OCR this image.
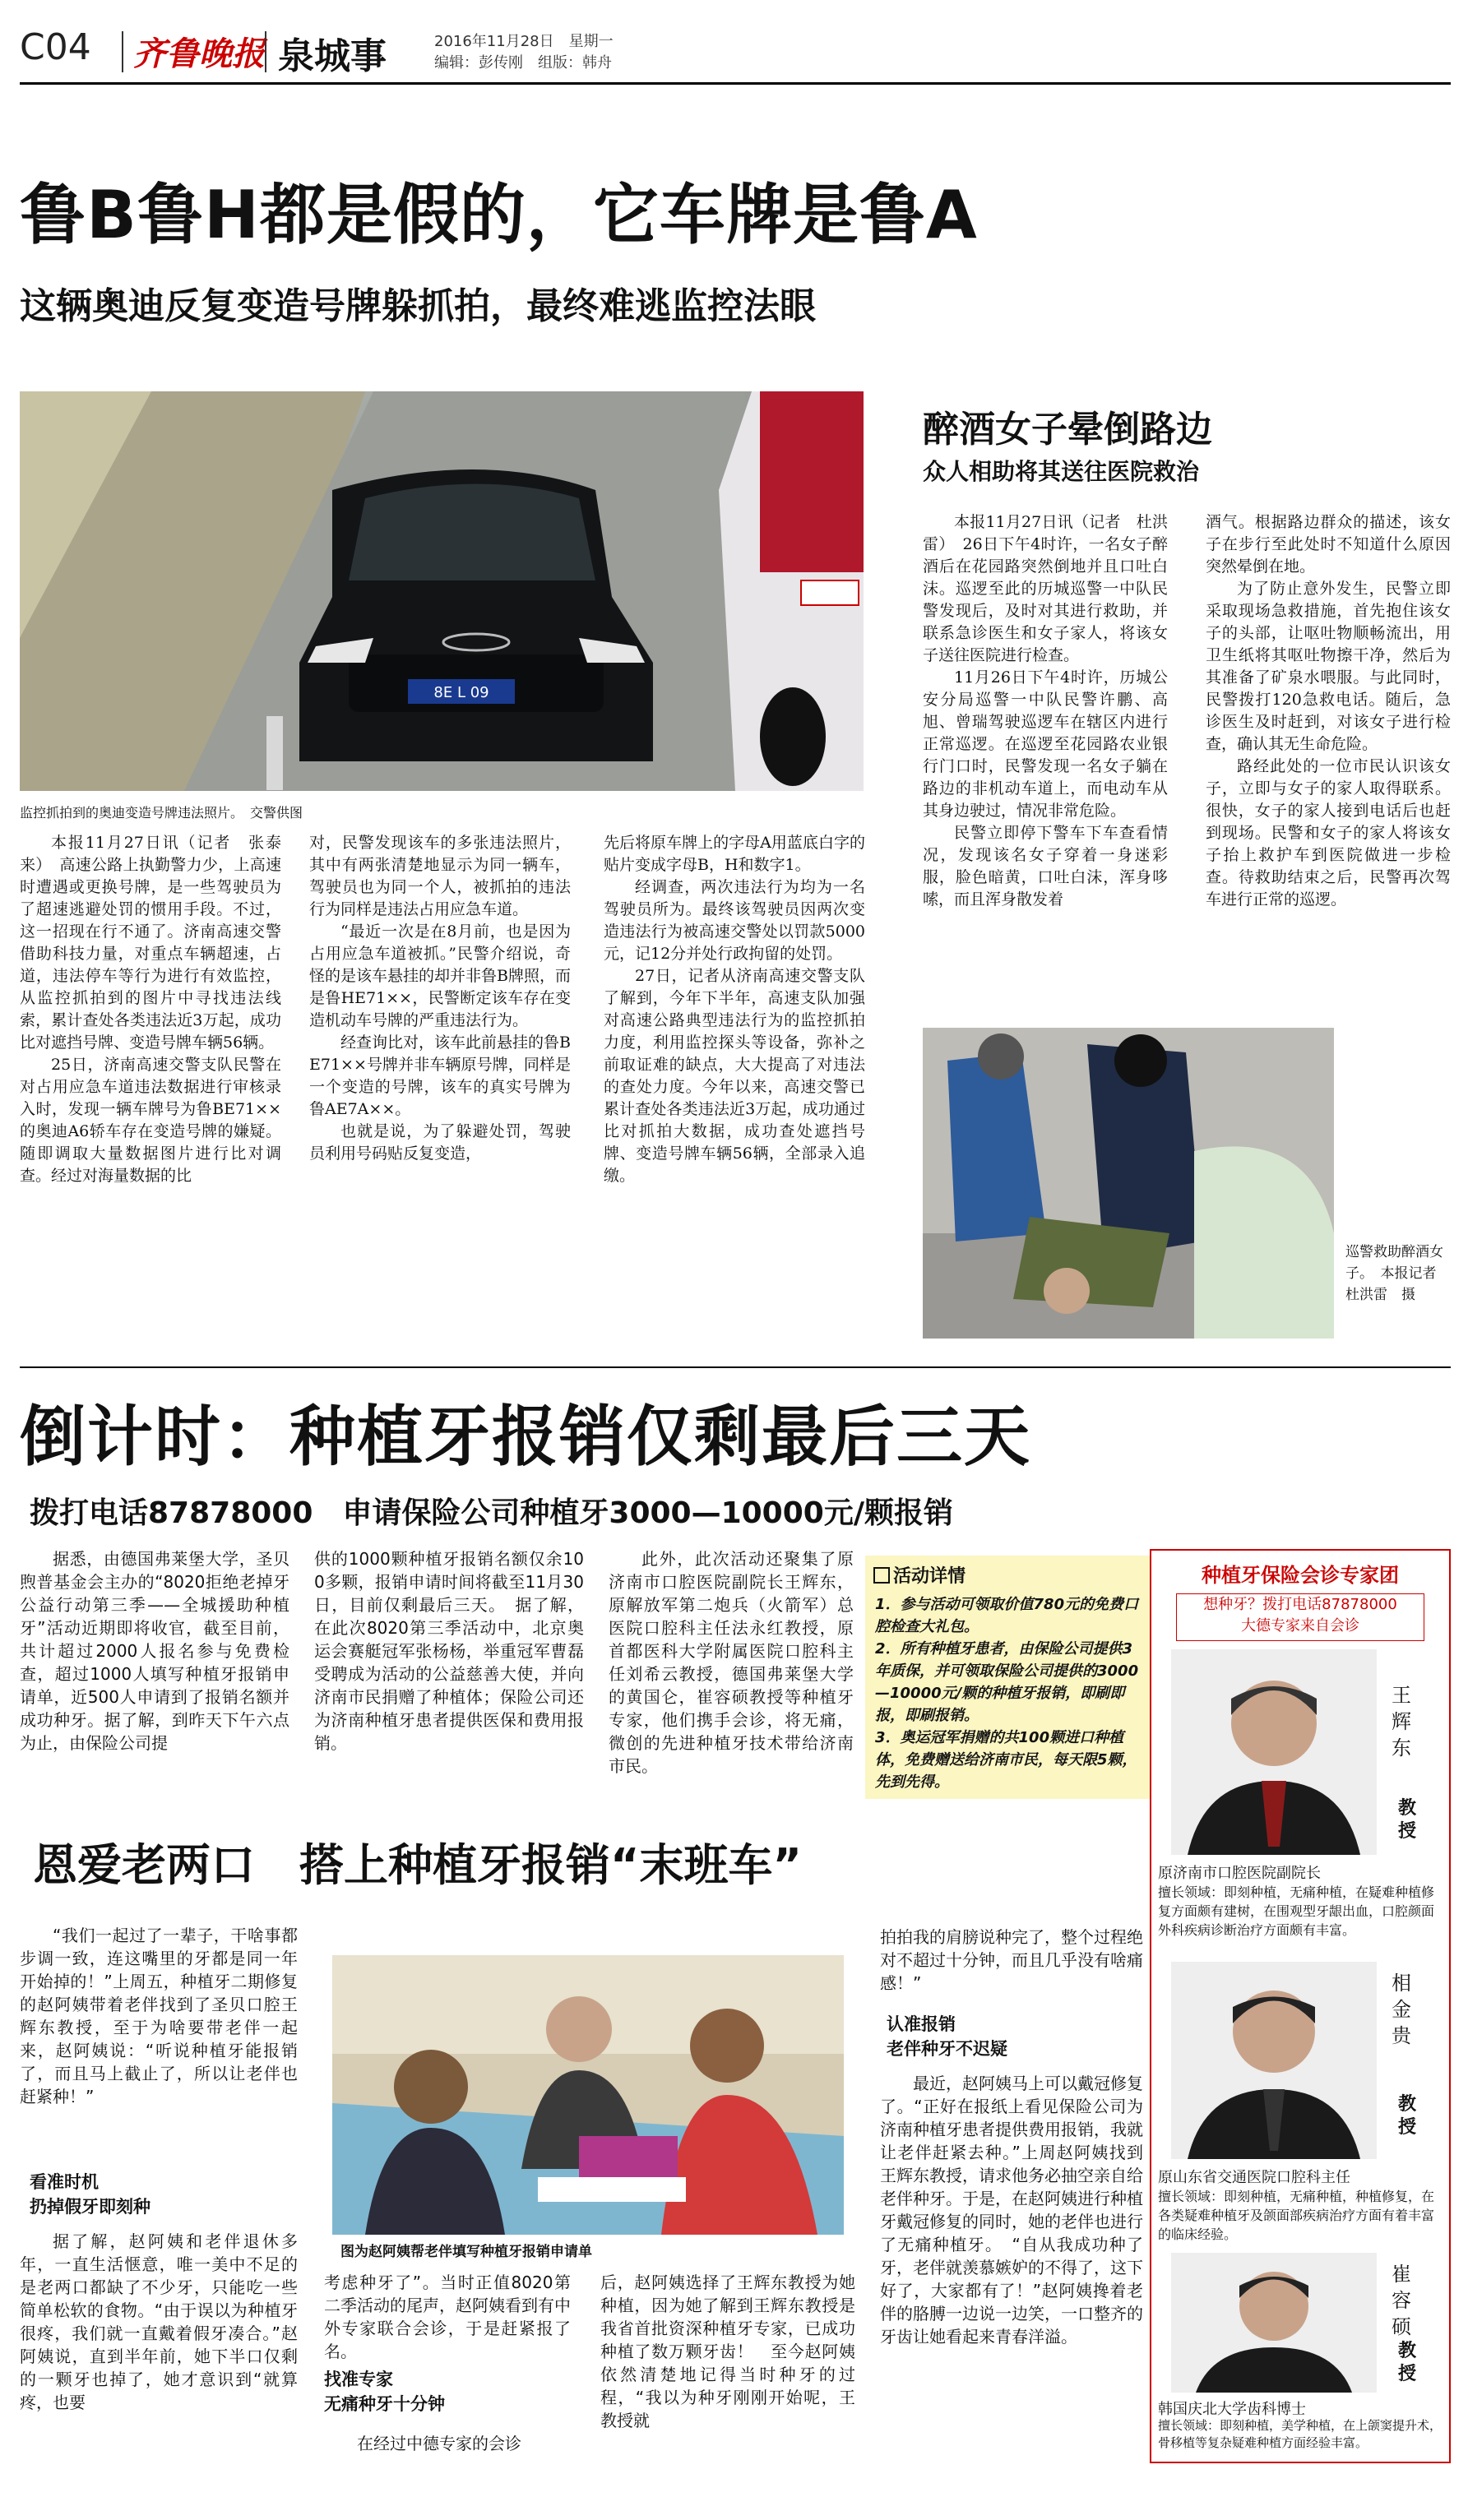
C04 齐鲁晚报 泉城事	2016年11月28日　星期一
编辑：彭传刚　组版：韩舟
鲁B鲁H都是假的，它车牌是鲁A
这辆奥迪反复变造号牌躲抓拍，最终难逃监控法眼
8E L 09
监控抓拍到的奥迪变造号牌违法照片。　交警供图

本报11月27日讯（记者　张泰来）　高速公路上执勤警力少，上高速时遭遇或更换号牌，是一些驾驶员为了超速逃避处罚的惯用手段。不过，这一招现在行不通了。济南高速交警借助科技力量，对重点车辆超速，占道，违法停车等行为进行有效监控，从监控抓拍到的图片中寻找违法线索，累计查处各类违法近3万起，成功比对遮挡号牌、变造号牌车辆56辆。

25日，济南高速交警支队民警在对占用应急车道违法数据进行审核录入时，发现一辆车牌号为鲁BE71××的奥迪A6轿车存在变造号牌的嫌疑。随即调取大量数据图片进行比对调查。经过对海量数据的比

对，民警发现该车的多张违法照片，其中有两张清楚地显示为同一辆车，驾驶员也为同一个人，被抓拍的违法行为同样是违法占用应急车道。

“最近一次是在8月前，也是因为占用应急车道被抓。”民警介绍说，奇怪的是该车悬挂的却并非鲁B牌照，而是鲁HE71××，民警断定该车存在变造机动车号牌的严重违法行为。

经查询比对，该车此前悬挂的鲁BE71××号牌并非车辆原号牌，同样是一个变造的号牌，该车的真实号牌为鲁AE7A××。

也就是说，为了躲避处罚，驾驶员利用号码贴反复变造，

先后将原车牌上的字母A用蓝底白字的贴片变成字母B，H和数字1。

经调查，两次违法行为均为一名驾驶员所为。最终该驾驶员因两次变造违法行为被高速交警处以罚款5000元，记12分并处行政拘留的处罚。

27日，记者从济南高速交警支队了解到，今年下半年，高速支队加强对高速公路典型违法行为的监控抓拍力度，利用监控探头等设备，弥补之前取证难的缺点，大大提高了对违法的查处力度。今年以来，高速交警已累计查处各类违法近3万起，成功通过比对抓拍大数据，成功查处遮挡号牌、变造号牌车辆56辆，全部录入追缴。

醉酒女子晕倒路边
众人相助将其送往医院救治

本报11月27日讯（记者　杜洪雷）　26日下午4时许，一名女子醉酒后在花园路突然倒地并且口吐白沫。巡逻至此的历城巡警一中队民警发现后，及时对其进行救助，并联系急诊医生和女子家人，将该女子送往医院进行检查。

11月26日下午4时许，历城公安分局巡警一中队民警许鹏、高旭、曾瑞驾驶巡逻车在辖区内进行正常巡逻。在巡逻至花园路农业银行门口时，民警发现一名女子躺在路边的非机动车道上，而电动车从其身边驶过，情况非常危险。

民警立即停下警车下车查看情况，发现该名女子穿着一身迷彩服，脸色暗黄，口吐白沫，浑身哆嗦，而且浑身散发着

酒气。根据路边群众的描述，该女子在步行至此处时不知道什么原因突然晕倒在地。

为了防止意外发生，民警立即采取现场急救措施，首先抱住该女子的头部，让呕吐物顺畅流出，用卫生纸将其呕吐物擦干净，然后为其准备了矿泉水喂服。与此同时，民警拨打120急救电话。随后，急诊医生及时赶到，对该女子进行检查，确认其无生命危险。

路经此处的一位市民认识该女子，立即与女子的家人取得联系。很快，女子的家人接到电话后也赶到现场。民警和女子的家人将该女子抬上救护车到医院做进一步检查。待救助结束之后，民警再次驾车进行正常的巡逻。

巡警救助醉酒女子。　本报记者　杜洪雷　摄
倒计时：种植牙报销仅剩最后三天
拨打电话87878000　申请保险公司种植牙3000—10000元/颗报销
据悉，由德国弗莱堡大学，圣贝煦普基金会主办的“8020拒绝老掉牙公益行动第三季——全城援助种植牙”活动近期即将收官，截至目前，共计超过2000人报名参与免费检查，超过1000人填写种植牙报销申请单，近500人申请到了报销名额并成功种牙。据了解，到昨天下午六点为止，由保险公司提
供的1000颗种植牙报销名额仅余100多颗，报销申请时间将截至11月30日，目前仅剩最后三天。　据了解，在此次8020第三季活动中，北京奥运会赛艇冠军张杨杨，举重冠军曹磊受聘成为活动的公益慈善大使，并向济南市民捐赠了种植体；保险公司还为济南种植牙患者提供医保和费用报销。
此外，此次活动还聚集了原济南市口腔医院副院长王辉东，原解放军第二炮兵（火箭军）总医院口腔科主任法永红教授，原首都医科大学附属医院口腔科主任刘希云教授，德国弗莱堡大学的黄国仑，崔容硕教授等种植牙专家，他们携手会诊，将无痛，微创的先进种植牙技术带给济南市民。
活动详情
1．参与活动可领取价值780元的免费口腔检查大礼包。
2．所有种植牙患者，由保险公司提供3年质保，并可领取保险公司提供的3000—10000元/颗的种植牙报销，即刷即报，即刷报销。
3．奥运冠军捐赠的共100颗进口种植体，免费赠送给济南市民，每天限5颗，先到先得。
种植牙保险会诊专家团
想种牙？拨打电话87878000
大德专家来自会诊
王辉东
教授
原济南市口腔医院副院长
擅长领域：即刻种植，无痛种植，在疑难种植修复方面颇有建树，在围观型牙龈出血，口腔颜面外科疾病诊断治疗方面颇有丰富。
相金贵
教授
原山东省交通医院口腔科主任
擅长领域：即刻种植，无痛种植，种植修复，在各类疑难种植牙及颌面部疾病治疗方面有着丰富的临床经验。
崔容硕
教授
韩国庆北大学齿科博士
擅长领域：即刻种植，美学种植，在上颌窦提升术，骨移植等复杂疑难种植方面经验丰富。
恩爱老两口　搭上种植牙报销“末班车”
“我们一起过了一辈子，干啥事都步调一致，连这嘴里的牙都是同一年开始掉的！”上周五，种植牙二期修复的赵阿姨带着老伴找到了圣贝口腔王辉东教授，至于为啥要带老伴一起来，赵阿姨说：“听说种植牙能报销了，而且马上截止了，所以让老伴也赶紧种！”
看准时机
扔掉假牙即刻种
据了解，赵阿姨和老伴退休多年，一直生活惬意，唯一美中不足的是老两口都缺了不少牙，只能吃一些简单松软的食物。“由于误以为种植牙很疼，我们就一直戴着假牙凑合。”赵阿姨说，直到半年前，她下半口仅剩的一颗牙也掉了，她才意识到“就算疼，也要
图为赵阿姨帮老伴填写种植牙报销申请单
考虑种牙了”。当时正值8020第二季活动的尾声，赵阿姨看到有中外专家联合会诊，于是赶紧报了名。
找准专家
无痛种牙十分钟
在经过中德专家的会诊
后，赵阿姨选择了王辉东教授为她种植，因为她了解到王辉东教授是我省首批资深种植牙专家，已成功种植了数万颗牙齿！　至今赵阿姨依然清楚地记得当时种牙的过程，“我以为种牙刚刚开始呢，王教授就
拍拍我的肩膀说种完了，整个过程绝对不超过十分钟，而且几乎没有啥痛感！”
认准报销
老伴种牙不迟疑
最近，赵阿姨马上可以戴冠修复了。“正好在报纸上看见保险公司为济南种植牙患者提供费用报销，我就让老伴赶紧去种。”上周赵阿姨找到王辉东教授，请求他务必抽空亲自给老伴种牙。于是，在赵阿姨进行种植牙戴冠修复的同时，她的老伴也进行了无痛种植牙。　“自从我成功种了牙，老伴就羡慕嫉妒的不得了，这下好了，大家都有了！”赵阿姨搀着老伴的胳膊一边说一边笑，一口整齐的牙齿让她看起来青春洋溢。
